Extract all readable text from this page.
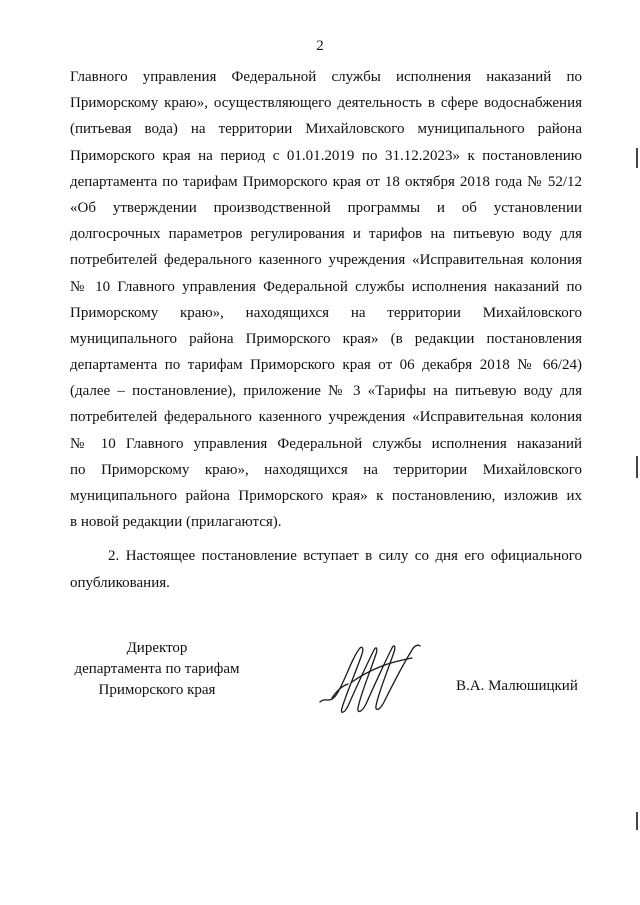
2
Главного управления Федеральной службы исполнения наказаний по
Приморскому краю», осуществляющего деятельность в сфере водоснабжения
(питьевая вода) на территории Михайловского муниципального района
Приморского края на период с 01.01.2019 по 31.12.2023» к постановлению
департамента по тарифам Приморского края от 18 октября 2018 года № 52/12
«Об утверждении производственной программы и об установлении
долгосрочных параметров регулирования и тарифов на питьевую воду для
потребителей федерального казенного учреждения «Исправительная колония
№ 10 Главного управления Федеральной службы исполнения наказаний по
Приморскому краю», находящихся на территории Михайловского
муниципального района Приморского края» (в редакции постановления
департамента по тарифам Приморского края от 06 декабря 2018 № 66/24)
(далее – постановление), приложение № 3 «Тарифы на питьевую воду для
потребителей федерального казенного учреждения «Исправительная колония
№ 10 Главного управления Федеральной службы исполнения наказаний
по Приморскому краю», находящихся на территории Михайловского
муниципального района Приморского края» к постановлению, изложив их
в новой редакции (прилагаются).
2. Настоящее постановление вступает в силу со дня его официального
опубликования.
Директор
департамента по тарифам
Приморского края	В.А. Малюшицкий
